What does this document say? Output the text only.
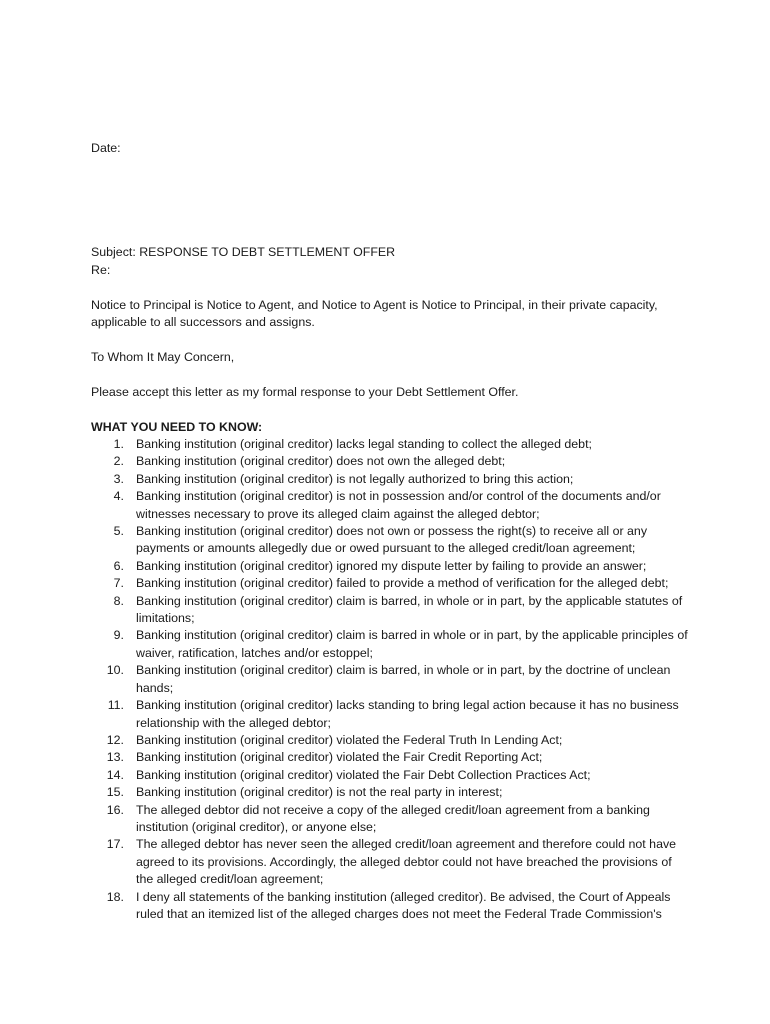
Date:
Subject: RESPONSE TO DEBT SETTLEMENT OFFER
Re:
Notice to Principal is Notice to Agent, and Notice to Agent is Notice to Principal, in their private capacity,
applicable to all successors and assigns.
To Whom It May Concern,
Please accept this letter as my formal response to your Debt Settlement Offer.
WHAT YOU NEED TO KNOW:
1. Banking institution (original creditor) lacks legal standing to collect the alleged debt;
2. Banking institution (original creditor) does not own the alleged debt;
3. Banking institution (original creditor) is not legally authorized to bring this action;
4. Banking institution (original creditor) is not in possession and/or control of the documents and/or
witnesses necessary to prove its alleged claim against the alleged debtor;
5. Banking institution (original creditor) does not own or possess the right(s) to receive all or any
payments or amounts allegedly due or owed pursuant to the alleged credit/loan agreement;
6. Banking institution (original creditor) ignored my dispute letter by failing to provide an answer;
7. Banking institution (original creditor) failed to provide a method of verification for the alleged debt;
8. Banking institution (original creditor) claim is barred, in whole or in part, by the applicable statutes of
limitations;
9. Banking institution (original creditor) claim is barred in whole or in part, by the applicable principles of
waiver, ratification, latches and/or estoppel;
10. Banking institution (original creditor) claim is barred, in whole or in part, by the doctrine of unclean
hands;
11. Banking institution (original creditor) lacks standing to bring legal action because it has no business
relationship with the alleged debtor;
12. Banking institution (original creditor) violated the Federal Truth In Lending Act;
13. Banking institution (original creditor) violated the Fair Credit Reporting Act;
14. Banking institution (original creditor) violated the Fair Debt Collection Practices Act;
15. Banking institution (original creditor) is not the real party in interest;
16. The alleged debtor did not receive a copy of the alleged credit/loan agreement from a banking
institution (original creditor), or anyone else;
17. The alleged debtor has never seen the alleged credit/loan agreement and therefore could not have
agreed to its provisions. Accordingly, the alleged debtor could not have breached the provisions of
the alleged credit/loan agreement;
18. I deny all statements of the banking institution (alleged creditor). Be advised, the Court of Appeals
ruled that an itemized list of the alleged charges does not meet the Federal Trade Commission's
